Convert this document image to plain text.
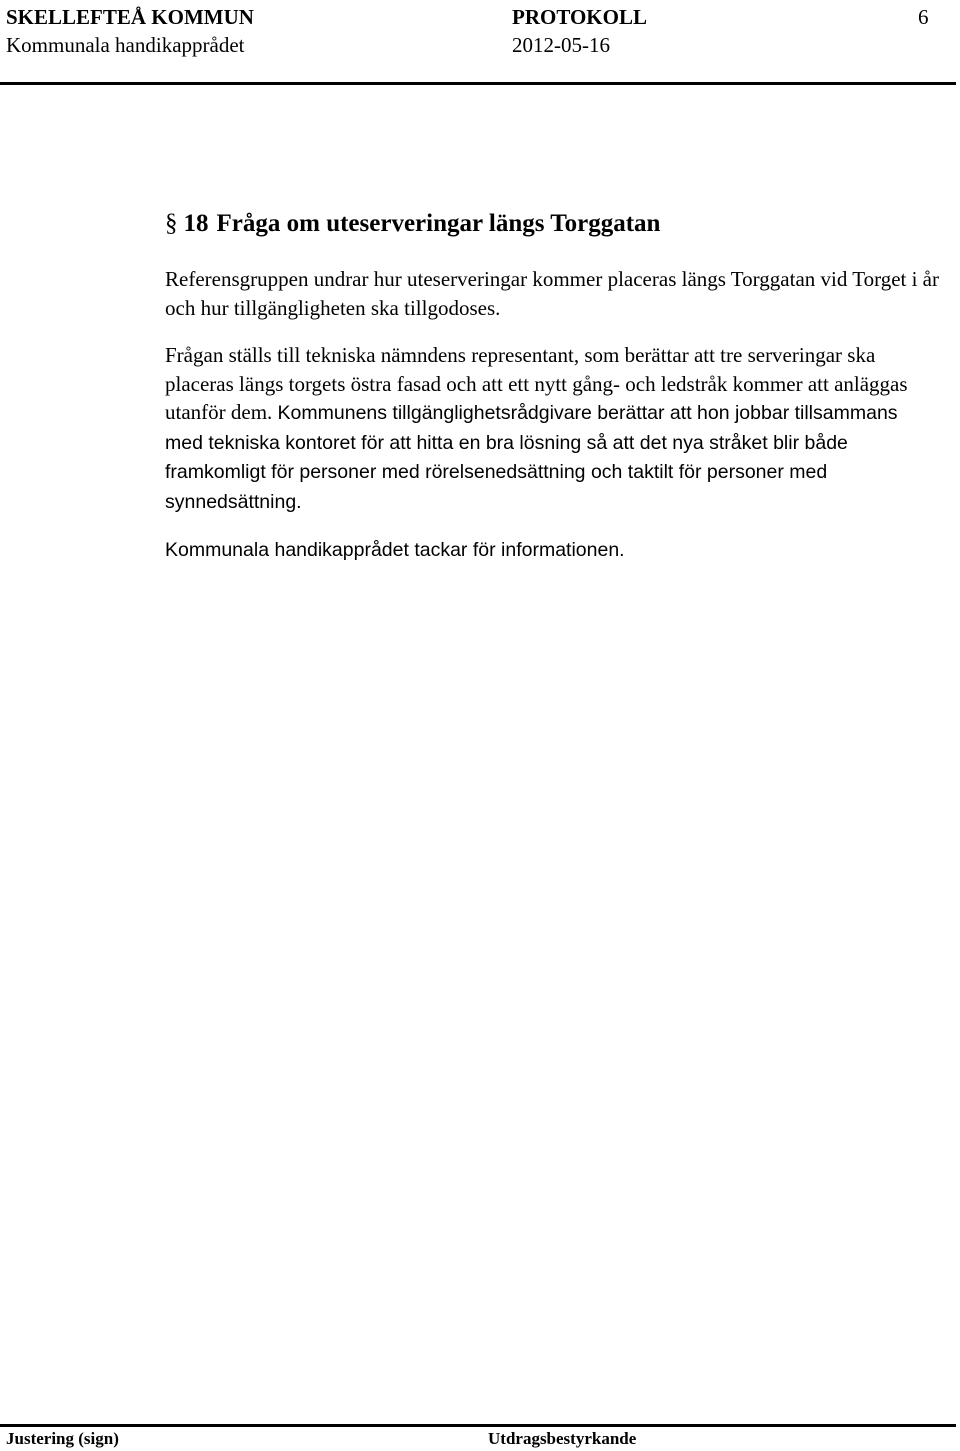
SKELLEFTEÅ KOMMUN	PROTOKOLL	6
Kommunala handikapprådet	2012-05-16
§ 18 Fråga om uteserveringar längs Torggatan

Referensgruppen undrar hur uteserveringar kommer placeras längs Torggatan vid Torget i år och hur tillgängligheten ska tillgodoses.

Frågan ställs till tekniska nämndens representant, som berättar att tre serveringar ska placeras längs torgets östra fasad och att ett nytt gång- och ledstråk kommer att anläggas utanför dem. Kommunens tillgänglighetsrådgivare berättar att hon jobbar tillsammans med tekniska kontoret för att hitta en bra lösning så att det nya stråket blir både framkomligt för personer med rörelsenedsättning och taktilt för personer med synnedsättning.

Kommunala handikapprådet tackar för informationen.

Justering (sign)	Utdragsbestyrkande
